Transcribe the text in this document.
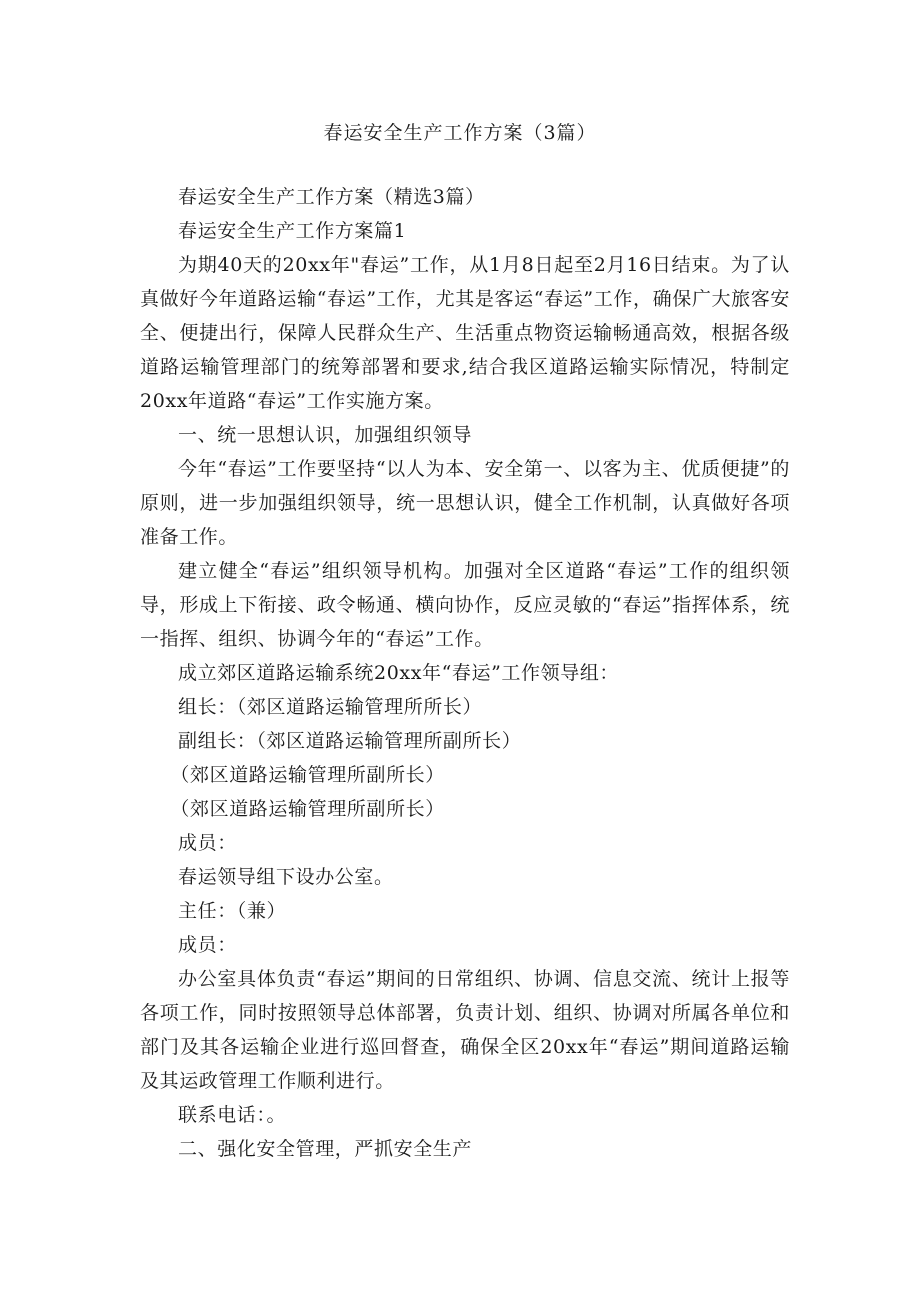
春运安全生产工作方案（3篇）

春运安全生产工作方案（精选3篇）

春运安全生产工作方案篇1

为期40天的20xx年"春运”工作，从1月8日起至2月16日结束。为了认真做好今年道路运输“春运”工作，尤其是客运“春运”工作，确保广大旅客安全、便捷出行，保障人民群众生产、生活重点物资运输畅通高效，根据各级道路运输管理部门的统筹部署和要求,结合我区道路运输实际情况，特制定20xx年道路“春运”工作实施方案。

一、统一思想认识，加强组织领导

今年“春运”工作要坚持“以人为本、安全第一、以客为主、优质便捷”的原则，进一步加强组织领导，统一思想认识，健全工作机制，认真做好各项准备工作。

建立健全“春运”组织领导机构。加强对全区道路“春运”工作的组织领导，形成上下衔接、政令畅通、横向协作，反应灵敏的“春运”指挥体系，统一指挥、组织、协调今年的“春运”工作。

成立郊区道路运输系统20xx年“春运”工作领导组：

组长：（郊区道路运输管理所所长）

副组长：（郊区道路运输管理所副所长）

（郊区道路运输管理所副所长）

（郊区道路运输管理所副所长）

成员：

春运领导组下设办公室。

主任：（兼）

成员：

办公室具体负责“春运”期间的日常组织、协调、信息交流、统计上报等各项工作，同时按照领导总体部署，负责计划、组织、协调对所属各单位和部门及其各运输企业进行巡回督查，确保全区20xx年“春运”期间道路运输及其运政管理工作顺利进行。

联系电话：。

二、强化安全管理，严抓安全生产
